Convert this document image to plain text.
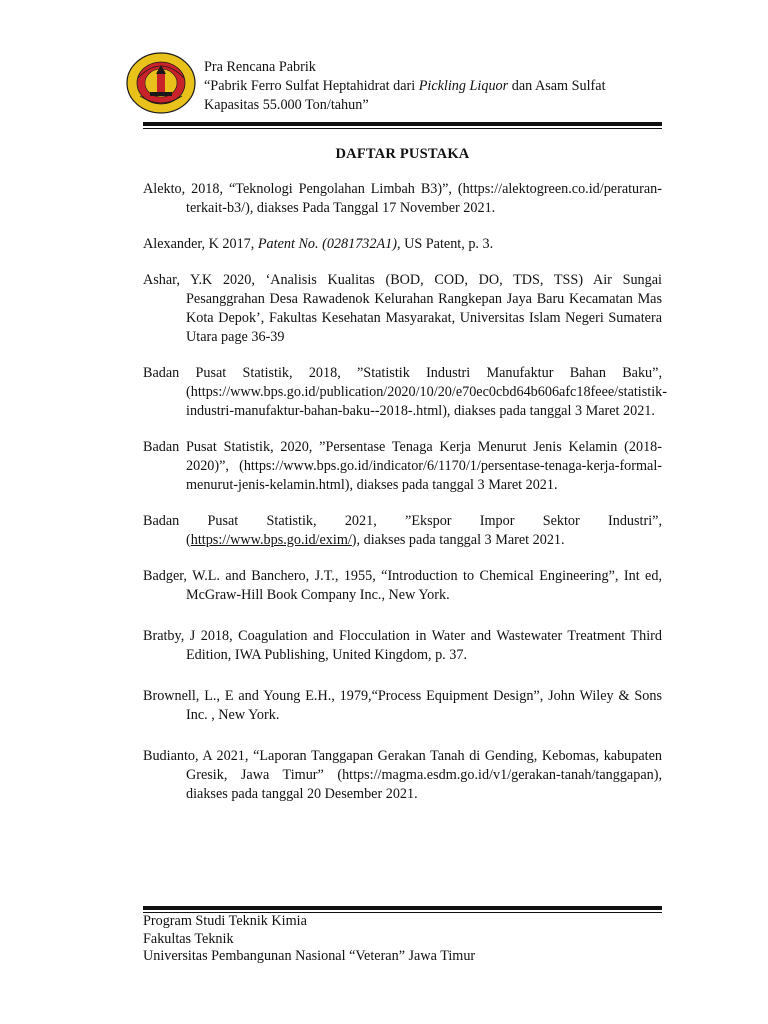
Pra Rencana Pabrik
“Pabrik Ferro Sulfat Heptahidrat dari Pickling Liquor dan Asam Sulfat
Kapasitas 55.000 Ton/tahun”
DAFTAR PUSTAKA

Alekto, 2018, “Teknologi Pengolahan Limbah B3)”, (https://alektogreen.co.id/peraturan-terkait-b3/), diakses Pada Tanggal 17 November 2021.

Alexander, K 2017, Patent No. (0281732A1), US Patent, p. 3.

Ashar, Y.K 2020, ‘Analisis Kualitas (BOD, COD, DO, TDS, TSS) Air Sungai Pesanggrahan Desa Rawadenok Kelurahan Rangkepan Jaya Baru Kecamatan Mas Kota Depok’, Fakultas Kesehatan Masyarakat, Universitas Islam Negeri Sumatera Utara page 36-39

Badan Pusat Statistik, 2018, ”Statistik Industri Manufaktur Bahan Baku”, (https://www.bps.go.id/publication/2020/10/20/e70ec0cbd64b606afc18feee/statistik-industri-manufaktur-bahan-baku--2018-.html), diakses pada tanggal 3 Maret 2021.

Badan Pusat Statistik, 2020, ”Persentase Tenaga Kerja Menurut Jenis Kelamin (2018-2020)”, (https://www.bps.go.id/indicator/6/1170/1/persentase-tenaga-kerja-formal-menurut-jenis-kelamin.html), diakses pada tanggal 3 Maret 2021.

Badan Pusat Statistik, 2021, ”Ekspor Impor Sektor Industri”, (https://www.bps.go.id/exim/), diakses pada tanggal 3 Maret 2021.

Badger, W.L. and Banchero, J.T., 1955, “Introduction to Chemical Engineering”, Int ed, McGraw-Hill Book Company Inc., New York.

Bratby, J 2018, Coagulation and Flocculation in Water and Wastewater Treatment Third Edition, IWA Publishing, United Kingdom, p. 37.

Brownell, L., E and Young E.H., 1979,“Process Equipment Design”, John Wiley & Sons Inc. , New York.

Budianto, A 2021, “Laporan Tanggapan Gerakan Tanah di Gending, Kebomas, kabupaten Gresik, Jawa Timur” (https://magma.esdm.go.id/v1/gerakan-tanah/tanggapan), diakses pada tanggal 20 Desember 2021.

Program Studi Teknik Kimia
Fakultas Teknik
Universitas Pembangunan Nasional “Veteran” Jawa Timur
